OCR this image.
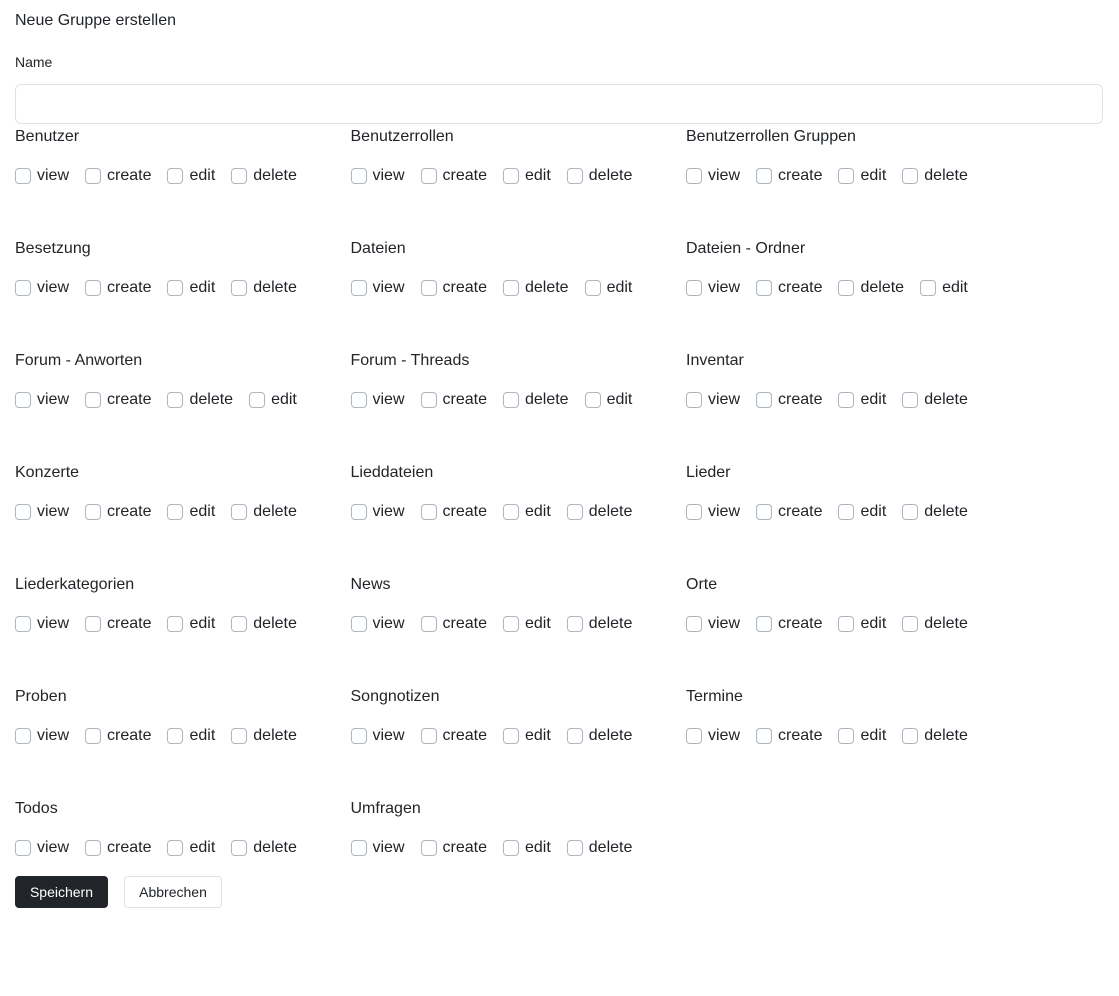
Neue Gruppe erstellen
Name
Benutzer
view create edit delete
Benutzerrollen
view create edit delete
Benutzerrollen Gruppen
view create edit delete
Besetzung
view create edit delete
Dateien
view create delete edit
Dateien - Ordner
view create delete edit
Forum - Anworten
view create delete edit
Forum - Threads
view create delete edit
Inventar
view create edit delete
Konzerte
view create edit delete
Lieddateien
view create edit delete
Lieder
view create edit delete
Liederkategorien
view create edit delete
News
view create edit delete
Orte
view create edit delete
Proben
view create edit delete
Songnotizen
view create edit delete
Termine
view create edit delete
Todos
view create edit delete
Umfragen
view create edit delete
Speichern	Abbrechen
